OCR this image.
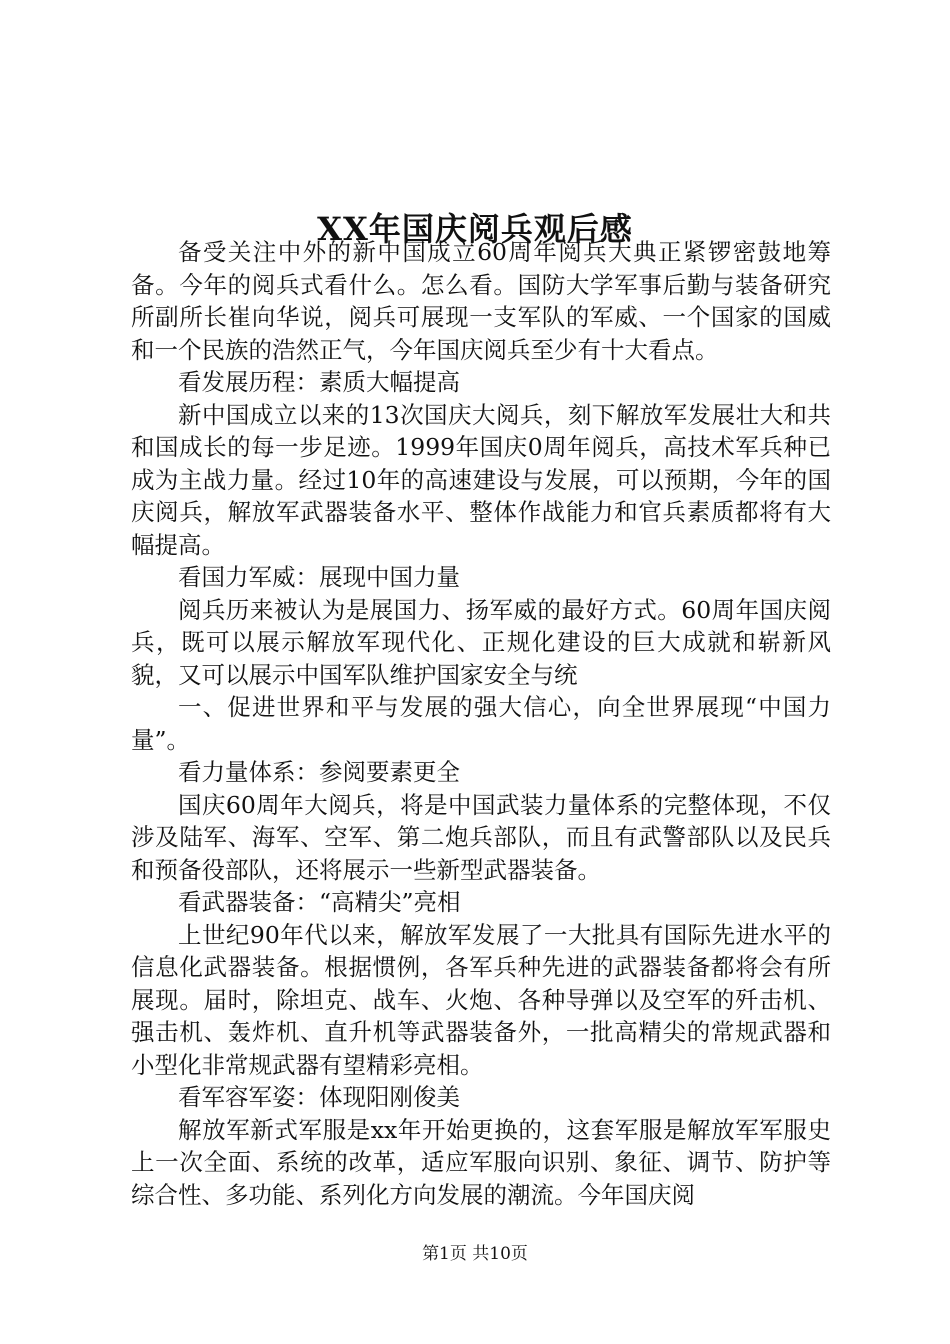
XX年国庆阅兵观后感

备受关注中外的新中国成立60周年阅兵大典正紧锣密鼓地筹备。今年的阅兵式看什么。怎么看。国防大学军事后勤与装备研究所副所长崔向华说，阅兵可展现一支军队的军威、一个国家的国威和一个民族的浩然正气，今年国庆阅兵至少有十大看点。

看发展历程：素质大幅提高

新中国成立以来的13次国庆大阅兵，刻下解放军发展壮大和共和国成长的每一步足迹。1999年国庆0周年阅兵，高技术军兵种已成为主战力量。经过10年的高速建设与发展，可以预期，今年的国庆阅兵，解放军武器装备水平、整体作战能力和官兵素质都将有大幅提高。

看国力军威：展现中国力量

阅兵历来被认为是展国力、扬军威的最好方式。60周年国庆阅兵，既可以展示解放军现代化、正规化建设的巨大成就和崭新风貌，又可以展示中国军队维护国家安全与统

一、促进世界和平与发展的强大信心，向全世界展现“中国力量”。

看力量体系：参阅要素更全

国庆60周年大阅兵，将是中国武装力量体系的完整体现，不仅涉及陆军、海军、空军、第二炮兵部队，而且有武警部队以及民兵和预备役部队，还将展示一些新型武器装备。

看武器装备：“高精尖”亮相

上世纪90年代以来，解放军发展了一大批具有国际先进水平的信息化武器装备。根据惯例，各军兵种先进的武器装备都将会有所展现。届时，除坦克、战车、火炮、各种导弹以及空军的歼击机、强击机、轰炸机、直升机等武器装备外，一批高精尖的常规武器和小型化非常规武器有望精彩亮相。

看军容军姿：体现阳刚俊美

解放军新式军服是xx年开始更换的，这套军服是解放军军服史上一次全面、系统的改革，适应军服向识别、象征、调节、防护等综合性、多功能、系列化方向发展的潮流。今年国庆阅

第1页 共10页
